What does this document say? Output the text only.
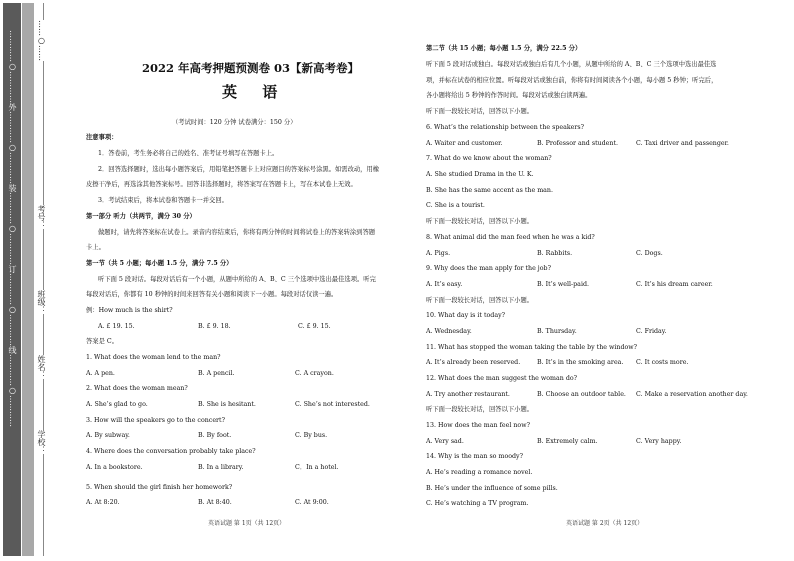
…………○…………外…………○…………装…………○…………订…………○…………线…………○…………	……○……
考号：
班级：
姓名：
学校：
2022 年高考押题预测卷 03【新高考卷】
英 语
（考试时间：120 分钟 试卷满分：150 分）
注意事项：
1．答卷前，考生务必将自己的姓名、准考证号填写在答题卡上。
2．回答选择题时，选出每小题答案后，用铅笔把答题卡上对应题目的答案标号涂黑。如需改动，用橡
皮擦干净后，再选涂其他答案标号。回答非选择题时，将答案写在答题卡上，写在本试卷上无效。
3．考试结束后，将本试卷和答题卡一并交回。
第一部分 听力（共两节，满分 30 分）
做题时，请先将答案标在试卷上。录音内容结束后，你将有两分钟的时间将试卷上的答案转涂到答题
卡上。
第一节（共 5 小题；每小题 1.5 分，满分 7.5 分）
听下面 5 段对话。每段对话后有一个小题，从题中所给的 A、B、C 三个选项中选出最佳选项。听完
每段对话后，你都有 10 秒钟的时间来回答有关小题和阅读下一小题。每段对话仅读一遍。
例：How much is the shirt?
A. £ 19. 15.	B. £ 9. 18.	C. £ 9. 15.
答案是 C。
1. What does the woman lend to the man?
A. A pen.	B. A pencil.	C. A crayon.
2. What does the woman mean?
A. She’s glad to go.	B. She is hesitant.	C. She’s not interested.
3. How will the speakers go to the concert?
A. By subway.	B. By foot.	C. By bus.
4. Where does the conversation probably take place?
A. In a bookstore.	B. In a library.	C．In a hotel.
5. When should the girl finish her homework?
A. At 8:20.	B. At 8:40.	C. At 9:00.
英语试题 第 1页（共 12页）
第二节（共 15 小题；每小题 1.5 分，满分 22.5 分）
听下面 5 段对话或独白。每段对话或独白后有几个小题，从题中所给的 A、B、C 三个选项中选出最佳选
项，并标在试卷的相应位置。听每段对话或独白前，你将有时间阅读各个小题，每小题 5 秒钟；听完后，
各小题将给出 5 秒钟的作答时间。每段对话或独白读两遍。
听下面一段较长对话，回答以下小题。
6. What’s the relationship between the speakers?
A. Waiter and customer.	B. Professor and student.	C. Taxi driver and passenger.
7. What do we know about the woman?
A. She studied Drama in the U. K.
B. She has the same accent as the man.
C. She is a tourist.
听下面一段较长对话，回答以下小题。
8. What animal did the man feed when he was a kid?
A. Pigs.	B. Rabbits.	C. Dogs.
9. Why does the man apply for the job?
A. It’s easy.	B. It’s well-paid.	C. It’s his dream career.
听下面一段较长对话，回答以下小题。
10. What day is it today?
A. Wednesday.	B. Thursday.	C. Friday.
11. What has stopped the woman taking the table by the window?
A. It’s already been reserved.	B. It’s in the smoking area. C. It costs more.
12. What does the man suggest the woman do?
A. Try another restaurant.	B. Choose an outdoor table. C. Make a reservation another day.
听下面一段较长对话，回答以下小题。
13. How does the man feel now?
A. Very sad.	B. Extremely calm.	C. Very happy.
14. Why is the man so moody?
A. He’s reading a romance novel.
B. He’s under the influence of some pills.
C. He’s watching a TV program.
英语试题 第 2页（共 12页）
